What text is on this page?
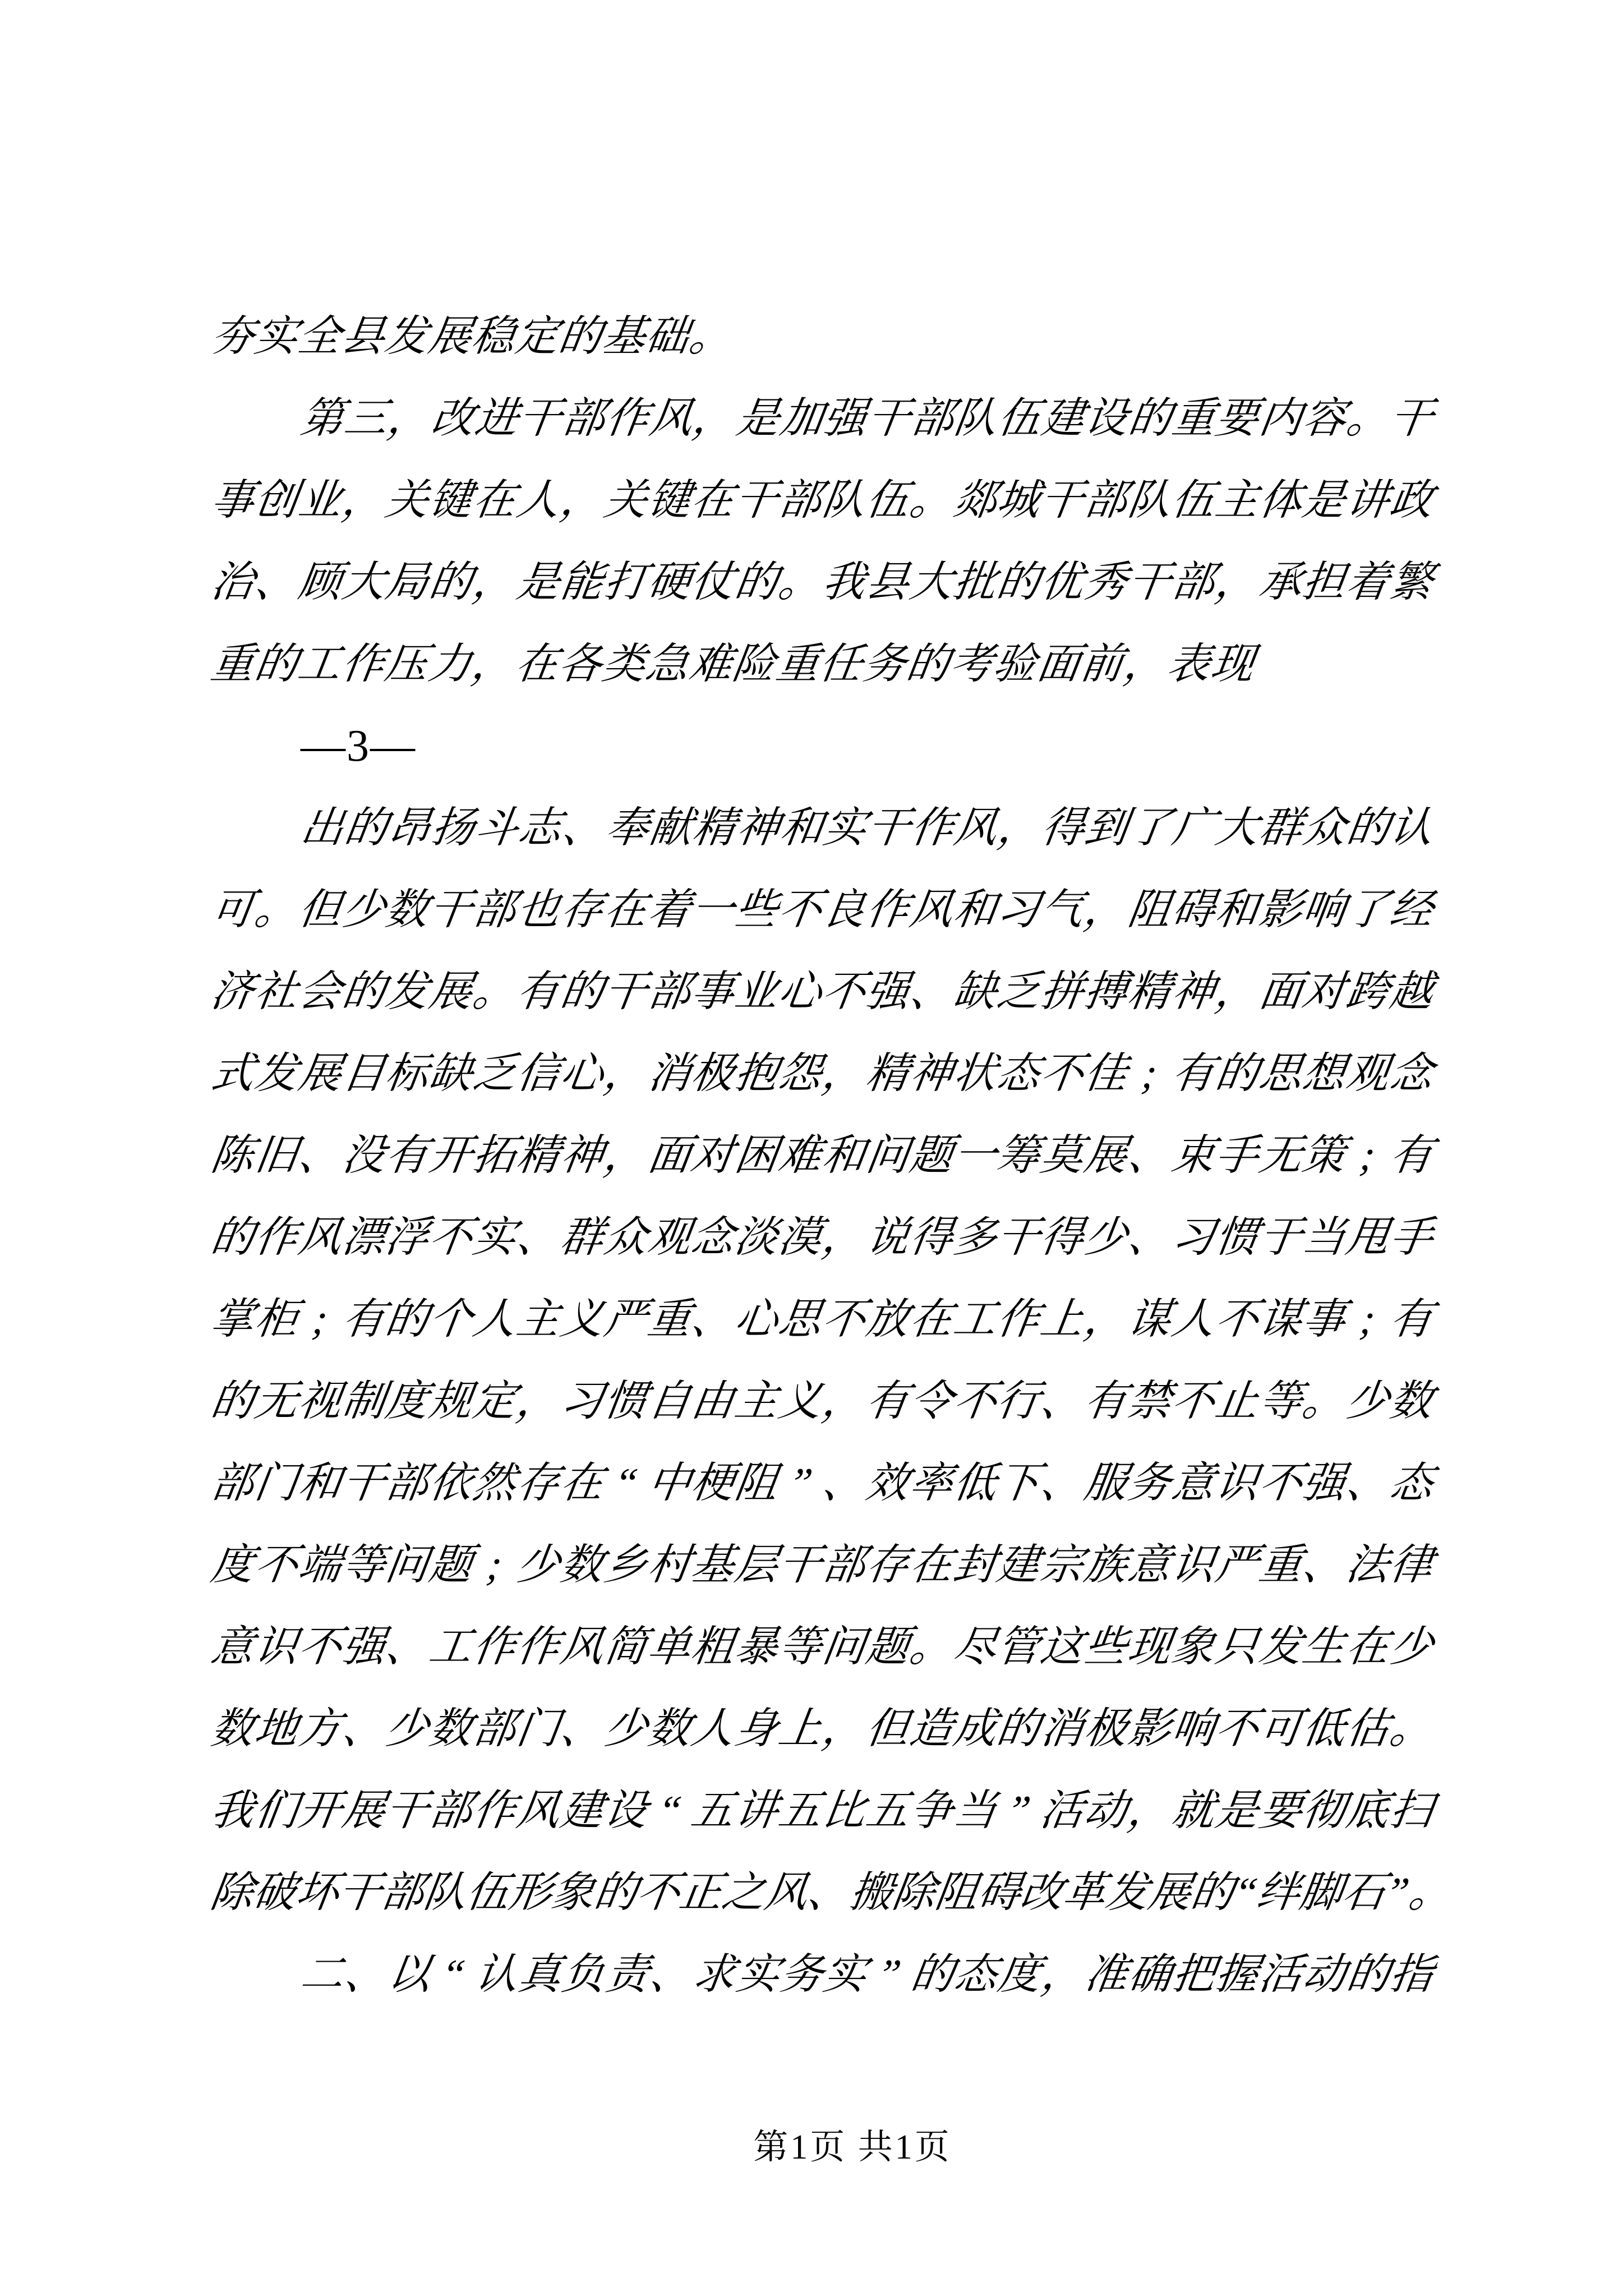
夯
实
全
县
发
展
稳
定
的
基
础
。
第
三
，
改
进
干
部
作
风
，
是
加
强
干
部
队
伍
建
设
的
重
要
内
容
。
干
事
创
业
，
关
键
在
人
，
关
键
在
干
部
队
伍
。
郯
城
干
部
队
伍
主
体
是
讲
政
治
、
顾
大
局
的
，
是
能
打
硬
仗
的
。
我
县
大
批
的
优
秀
干
部
，
承
担
着
繁
重
的
工
作
压
力
，
在
各
类
急
难
险
重
任
务
的
考
验
面
前
，
表
现
—3—
出
的
昂
扬
斗
志
、
奉
献
精
神
和
实
干
作
风
，
得
到
了
广
大
群
众
的
认
可
。
但
少
数
干
部
也
存
在
着
一
些
不
良
作
风
和
习
气
，
阻
碍
和
影
响
了
经
济
社
会
的
发
展
。
有
的
干
部
事
业
心
不
强
、
缺
乏
拼
搏
精
神
，
面
对
跨
越
式
发
展
目
标
缺
乏
信
心
，
消
极
抱
怨
，
精
神
状
态
不
佳 ; 有
的
思
想
观
念
陈
旧
、
没
有
开
拓
精
神
，
面
对
困
难
和
问
题
一
筹
莫
展
、
束
手
无
策 ; 有
的
作
风
漂
浮
不
实
、
群
众
观
念
淡
漠
，
说
得
多
干
得
少
、
习
惯
于
当
甩
手
掌
柜 ; 有
的
个
人
主
义
严
重
、
心
思
不
放
在
工
作
上
，
谋
人
不
谋
事 ; 有
的
无
视
制
度
规
定
，
习
惯
自
由
主
义
，
有
令
不
行
、
有
禁
不
止
等
。
少
数
部
门
和
干
部
依
然
存
在 “ 中
梗
阻 ” 、
效
率
低
下
、
服
务
意
识
不
强
、
态
度
不
端
等
问
题 ; 少
数
乡
村
基
层
干
部
存
在
封
建
宗
族
意
识
严
重
、
法
律
意
识
不
强
、
工
作
作
风
简
单
粗
暴
等
问
题
。
尽
管
这
些
现
象
只
发
生
在
少
数
地
方
、
少
数
部
门
、
少
数
人
身
上
，
但
造
成
的
消
极
影
响
不
可
低
估
。
我
们
开
展
干
部
作
风
建
设 “ 五
讲
五
比
五
争
当 ” 活
动
，
就
是
要
彻
底
扫
除
破
坏
干
部
队
伍
形
象
的
不
正
之
风
、
搬
除
阻
碍
改
革
发
展
的
“
绊
脚
石
”
。
二
、
以 “ 认
真
负
责
、
求
实
务
实 ” 的
态
度
，
准
确
把
握
活
动
的
指
第1页 共1页
